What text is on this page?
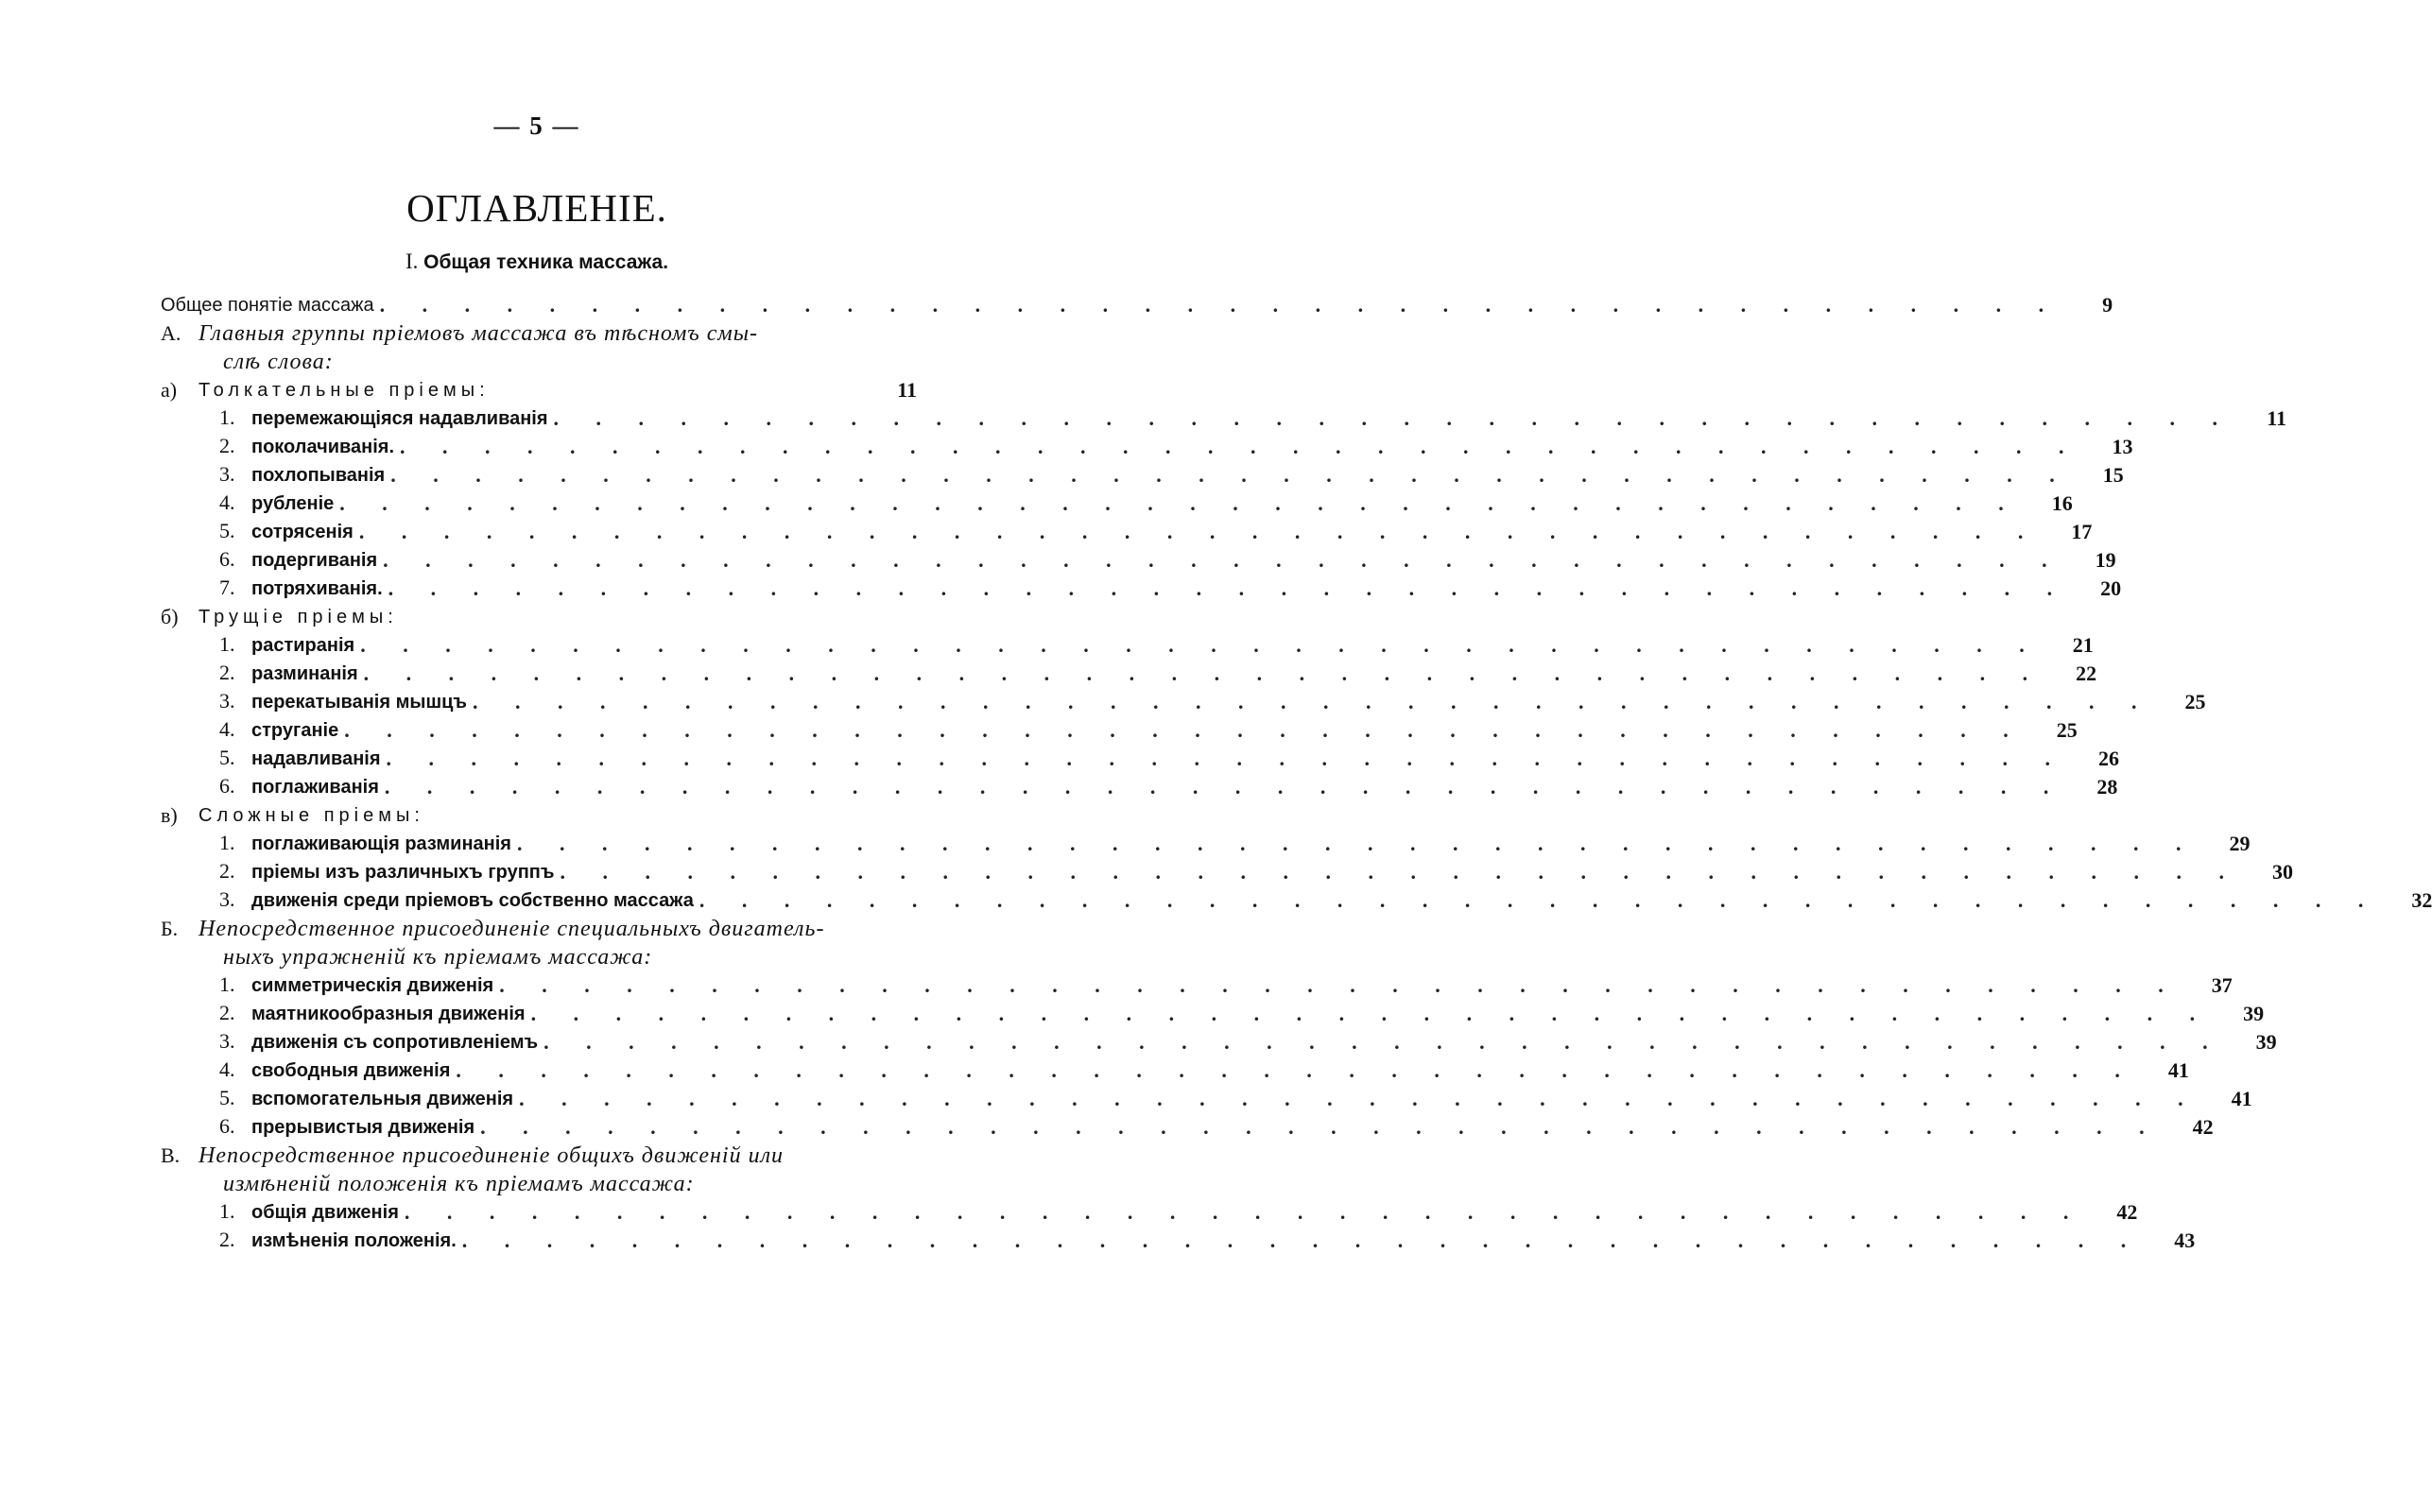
— 5 —
ОГЛАВЛЕНIЕ.
I. Общая техника массажа.
Общее понятiе массажа . . . . . . . . . . . . . . . . . . . . . . . . . . . . . . . . . . . . . . . .	9
А. Главныя группы прiемовъ массажа въ тѣсномъ смы-
слѣ слова:
а)	Толкательные прiемы:	11
1. перемежающiяся надавливанiя . . . . . . . . . . . . . . . . . . . . . . . . . . . . . . . . . . . . . . . .	11
2. поколачиванiя. . . . . . . . . . . . . . . . . . . . . . . . . . . . . . . . . . . . . . . . .	13
3. похлопыванiя . . . . . . . . . . . . . . . . . . . . . . . . . . . . . . . . . . . . . . . .	15
4. рубленiе . . . . . . . . . . . . . . . . . . . . . . . . . . . . . . . . . . . . . . . .	16
5. сотрясенiя . . . . . . . . . . . . . . . . . . . . . . . . . . . . . . . . . . . . . . . .	17
6. подергиванiя . . . . . . . . . . . . . . . . . . . . . . . . . . . . . . . . . . . . . . . .	19
7. потряхиванiя. . . . . . . . . . . . . . . . . . . . . . . . . . . . . . . . . . . . . . . . .	20
б)	Трущiе прiемы:
1. растиранiя . . . . . . . . . . . . . . . . . . . . . . . . . . . . . . . . . . . . . . . .	21
2. разминанiя . . . . . . . . . . . . . . . . . . . . . . . . . . . . . . . . . . . . . . . .	22
3. перекатыванiя мышцъ . . . . . . . . . . . . . . . . . . . . . . . . . . . . . . . . . . . . . . . .	25
4. струганiе . . . . . . . . . . . . . . . . . . . . . . . . . . . . . . . . . . . . . . . .	25
5. надавливанiя . . . . . . . . . . . . . . . . . . . . . . . . . . . . . . . . . . . . . . . .	26
6. поглаживанiя . . . . . . . . . . . . . . . . . . . . . . . . . . . . . . . . . . . . . . . .	28
в)	Сложные прiемы:
1. поглаживающiя разминанiя . . . . . . . . . . . . . . . . . . . . . . . . . . . . . . . . . . . . . . . .	29
2. прiемы изъ различныхъ группъ . . . . . . . . . . . . . . . . . . . . . . . . . . . . . . . . . . . . . . . .	30
3. движенiя среди прiемовъ собственно массажа . . . . . . . . . . . . . . . . . . . . . . . . . . . . . . . . . . . . . . . .	32
Б. Непосредственное присоединенiе специальныхъ двигатель-
ныхъ упражненiй къ прiемамъ массажа:
1. симметрическiя движенiя . . . . . . . . . . . . . . . . . . . . . . . . . . . . . . . . . . . . . . . .	37
2. маятникообразныя движенiя . . . . . . . . . . . . . . . . . . . . . . . . . . . . . . . . . . . . . . . .	39
3. движенiя съ сопротивленiемъ . . . . . . . . . . . . . . . . . . . . . . . . . . . . . . . . . . . . . . . .	39
4. свободныя движенiя . . . . . . . . . . . . . . . . . . . . . . . . . . . . . . . . . . . . . . . .	41
5. вспомогательныя движенiя . . . . . . . . . . . . . . . . . . . . . . . . . . . . . . . . . . . . . . . .	41
6. прерывистыя движенiя . . . . . . . . . . . . . . . . . . . . . . . . . . . . . . . . . . . . . . . .	42
В. Непосредственное присоединенiе общихъ движенiй или
измѣненiй положенiя къ прiемамъ массажа:
1. общiя движенiя . . . . . . . . . . . . . . . . . . . . . . . . . . . . . . . . . . . . . . . .	42
2. измѣненiя положенiя. . . . . . . . . . . . . . . . . . . . . . . . . . . . . . . . . . . . . . . . .	43
